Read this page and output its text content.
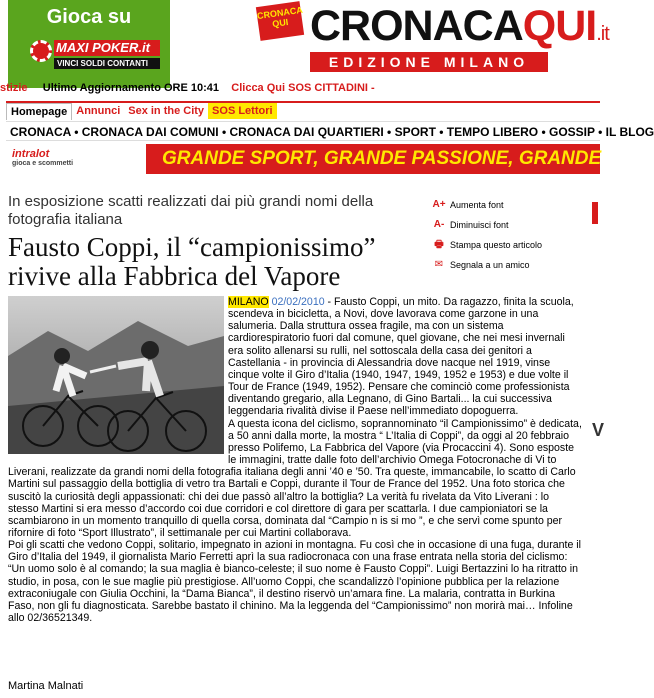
Gioca su
MAXI POKER.it
VINCI SOLDI CONTANTI
CRONACA QUI CRONACAQUI.it
EDIZIONE MILANO
stizie Ultimo Aggiornamento ORE 10:41 Clicca Qui SOS CITTADINI -
Homepage Annunci Sex in the City SOS Lettori
CRONACA • CRONACA DAI COMUNI • CRONACA DAI QUARTIERI • SPORT • TEMPO LIBERO • GOSSIP • IL BLOG
intralot
gioca e scommetti	GRANDE SPORT, GRANDE PASSIONE, GRANDE
In esposizione scatti realizzati dai più grandi nomi della fotografia italiana
Fausto Coppi, il “campionissimo” rivive alla Fabbrica del Vapore
A+ Aumenta font
A- Diminuisci font
🖶 Stampa questo articolo
✉ Segnala a un amico

MILANO 02/02/2010 - Fausto Coppi, un mito. Da ragazzo, finita la scuola, scendeva in bicicletta, a Novi, dove lavorava come garzone in una salumeria. Dalla struttura ossea fragile, ma con un sistema cardiorespiratorio fuori dal comune, quel giovane, che nei mesi invernali era solito allenarsi su rulli, nel sottoscala della casa dei genitori a Castellania - in provincia di Alessandria dove nacque nel 1919, vinse cinque volte il Giro d’Italia (1940, 1947, 1949, 1952 e 1953) e due volte il Tour de France (1949, 1952). Pensare che cominciò come professionista diventando gregario, alla Legnano, di Gino Bartali... la cui successiva leggendaria rivalità divise il Paese nell’immediato dopoguerra.

A questa icona del ciclismo, soprannominato “il Campionissimo” è dedicata, a 50 anni dalla morte, la mostra “ L’Italia di Coppi”, da oggi al 20 febbraio presso Polifemo, La Fabbrica del Vapore (via Procaccini 4). Sono esposte le immagini, tratte dalle foto dell’archivio Omega Fotocronache di Vi to Liverani, realizzate da grandi nomi della fotografia italiana degli anni ’40 e ’50. Tra queste, immancabile, lo scatto di Carlo Martini sul passaggio della bottiglia di vetro tra Bartali e Coppi, durante il Tour de France del 1952. Una foto storica che suscitò la curiosità degli appassionati: chi dei due passò all’altro la bottiglia? La verità fu rivelata da Vito Liverani : lo stesso Martini si era messo d’accordo coi due corridori e col direttore di gara per scattarla. I due campioniatori se la scambiarono in un momento tranquillo di quella corsa, dominata dal “Campio n is si mo ”, e che servì come spunto per rifornire di foto “Sport Illustrato”, il settimanale per cui Martini collaborava.

Poi gli scatti che vedono Coppi, solitario, impegnato in azioni in montagna. Fu così che in occasione di una fuga, durante il Giro d’Italia del 1949, il giornalista Mario Ferretti aprì la sua radiocronaca con una frase entrata nella storia del ciclismo: “Un uomo solo è al comando; la sua maglia è bianco-celeste; il suo nome è Fausto Coppi”. Luigi Bertazzini lo ha ritratto in studio, in posa, con le sue maglie più prestigiose. All’uomo Coppi, che scandalizzò l’opinione pubblica per la relazione extraconiugale con Giulia Occhini, la “Dama Bianca”, il destino riservò un’amara fine. La malaria, contratta in Burkina Faso, non gli fu diagnosticata. Sarebbe bastato il chinino. Ma la leggenda del “Campionissimo” non morirà mai… Infoline allo 02/36521349.

Martina Malnati
V
